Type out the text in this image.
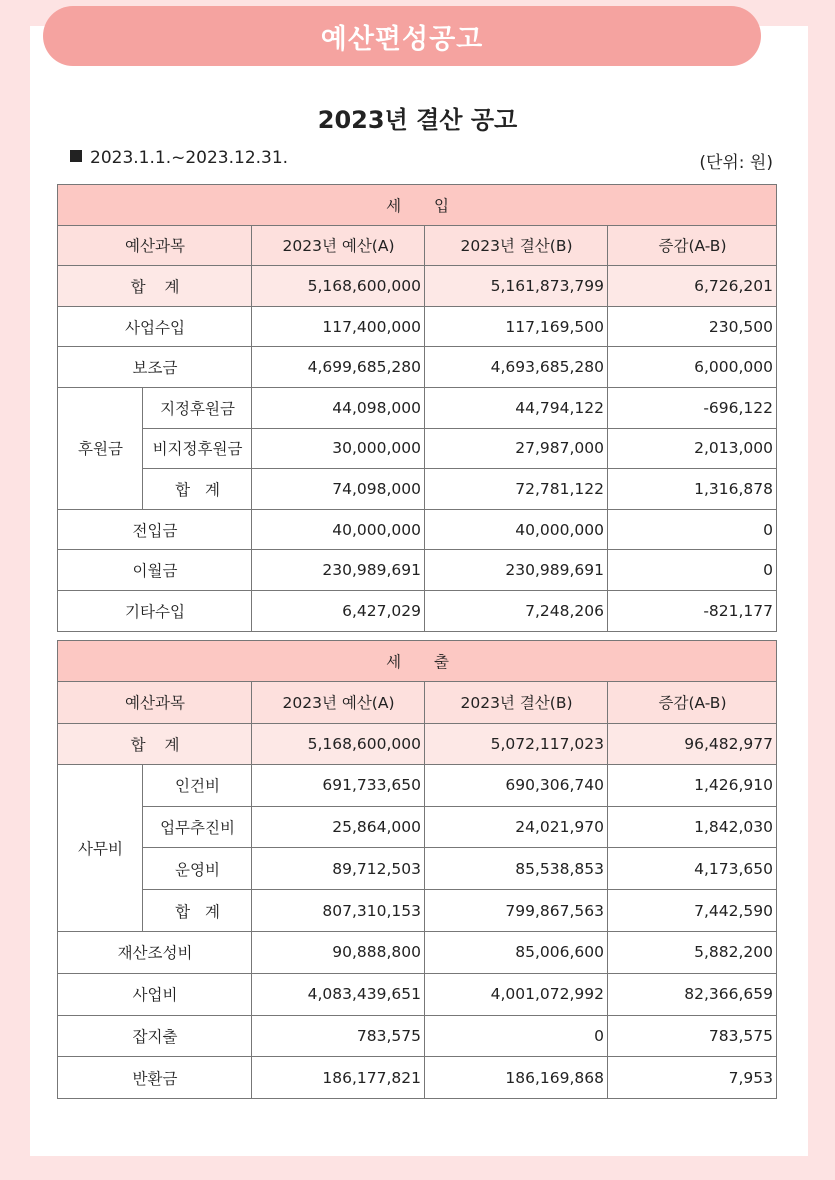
예산편성공고
2023년 결산 공고
2023.1.1.~2023.12.31.	(단위: 원)
세 입				
예산과목		2023년 예산(A)	2023년 결산(B)	증감(A-B)
합 계		5,168,600,000	5,161,873,799	6,726,201
사업수입		117,400,000	117,169,500	230,500
보조금		4,699,685,280	4,693,685,280	6,000,000
후원금	지정후원금	44,098,000	44,794,122	-696,122
	비지정후원금	30,000,000	27,987,000	2,013,000
	합 계	74,098,000	72,781,122	1,316,878
전입금		40,000,000	40,000,000	0
이월금		230,989,691	230,989,691	0
기타수입		6,427,029	7,248,206	-821,177
세 출				
예산과목		2023년 예산(A)	2023년 결산(B)	증감(A-B)
합 계		5,168,600,000	5,072,117,023	96,482,977
사무비	인건비	691,733,650	690,306,740	1,426,910
	업무추진비	25,864,000	24,021,970	1,842,030
	운영비	89,712,503	85,538,853	4,173,650
	합 계	807,310,153	799,867,563	7,442,590
재산조성비		90,888,800	85,006,600	5,882,200
사업비		4,083,439,651	4,001,072,992	82,366,659
잡지출		783,575	0	783,575
반환금		186,177,821	186,169,868	7,953
